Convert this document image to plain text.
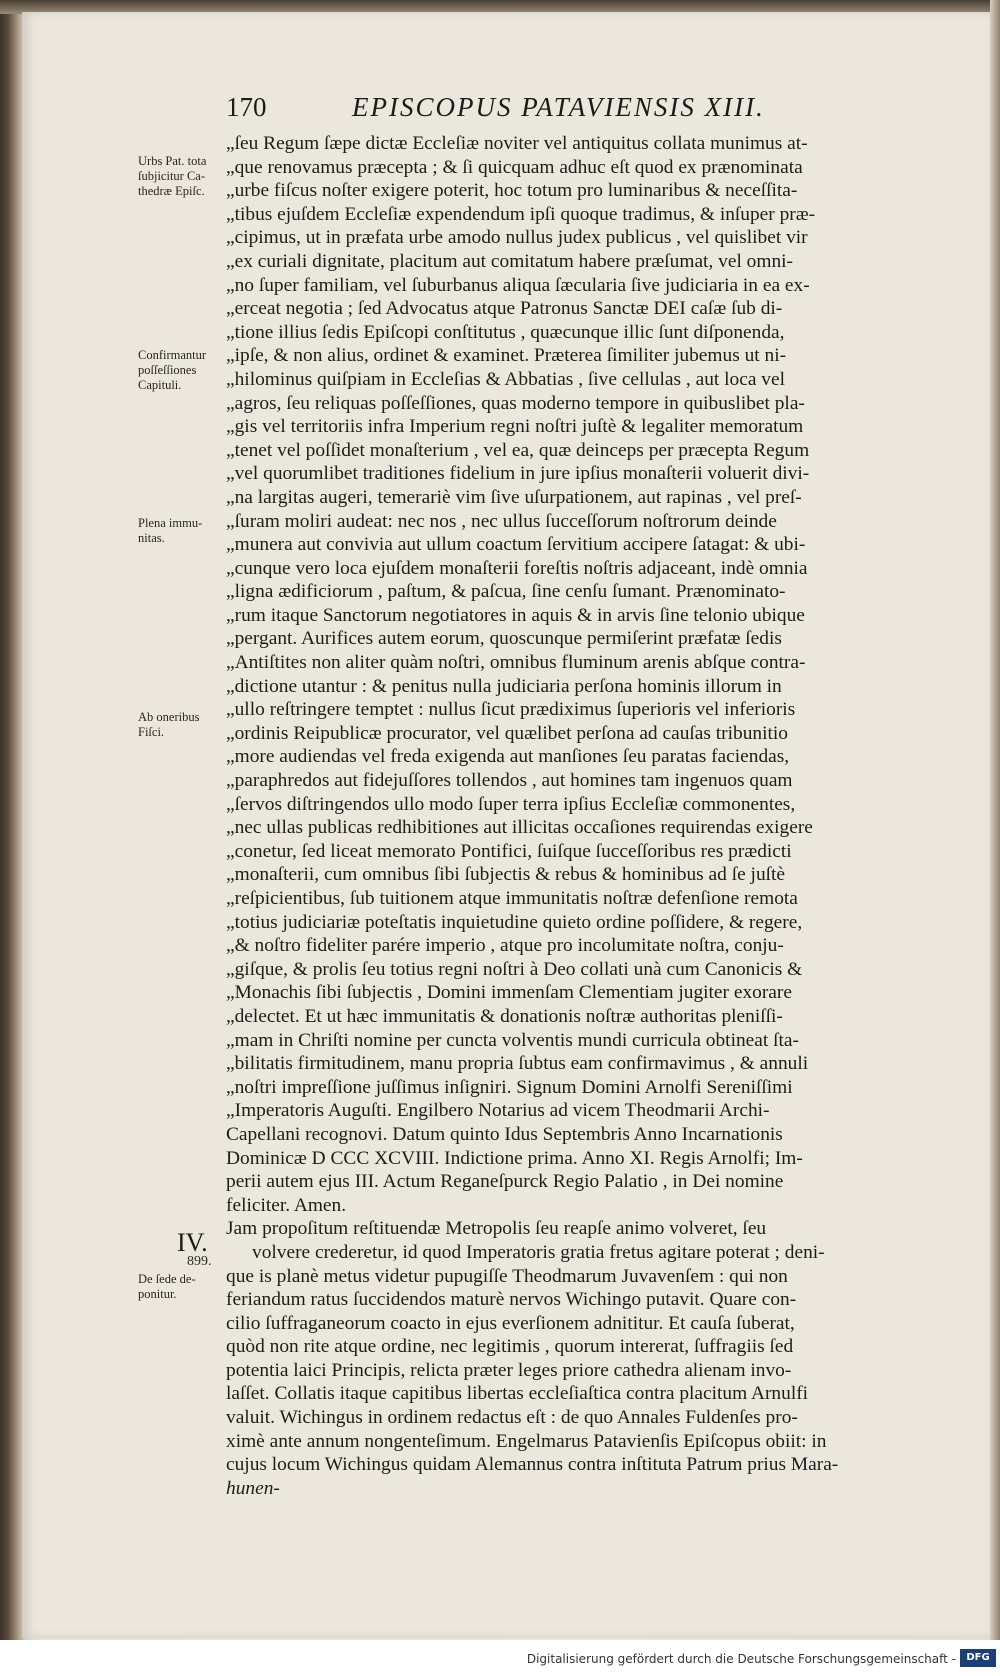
170	EPISCOPUS PATAVIENSIS XIII.
Urbs Pat. tota
ſubjicitur Ca-
thedræ Epiſc.
Confirmantur
poſſeſſiones
Capituli.
Plena immu-
nitas.
Ab oneribus
Fiſci.
De ſede de-
ponitur.
IV.
899.
„ſeu Regum ſæpe dictæ Eccleſiæ noviter vel antiquitus collata munimus at-
„que renovamus præcepta ; & ſi quicquam adhuc eſt quod ex prænominata
„urbe fiſcus noſter exigere poterit, hoc totum pro luminaribus & neceſſita-
„tibus ejuſdem Eccleſiæ expendendum ipſi quoque tradimus, & inſuper præ-
„cipimus, ut in præfata urbe amodo nullus judex publicus , vel quislibet vir
„ex curiali dignitate, placitum aut comitatum habere præſumat, vel omni-
„no ſuper familiam, vel ſuburbanus aliqua ſæcularia ſive judiciaria in ea ex-
„erceat negotia ; ſed Advocatus atque Patronus Sanctæ DEI caſæ ſub di-
„tione illius ſedis Epiſcopi conſtitutus , quæcunque illic ſunt diſponenda,
„ipſe, & non alius, ordinet & examinet. Præterea ſimiliter jubemus ut ni-
„hilominus quiſpiam in Eccleſias & Abbatias , ſive cellulas , aut loca vel
„agros, ſeu reliquas poſſeſſiones, quas moderno tempore in quibuslibet pla-
„gis vel territoriis infra Imperium regni noſtri juſtè & legaliter memoratum
„tenet vel poſſidet monaſterium , vel ea, quæ deinceps per præcepta Regum
„vel quorumlibet traditiones fidelium in jure ipſius monaſterii voluerit divi-
„na largitas augeri, temerariè vim ſive uſurpationem, aut rapinas , vel preſ-
„ſuram moliri audeat: nec nos , nec ullus ſucceſſorum noſtrorum deinde
„munera aut convivia aut ullum coactum ſervitium accipere ſatagat: & ubi-
„cunque vero loca ejuſdem monaſterii foreſtis noſtris adjaceant, indè omnia
„ligna ædificiorum , paſtum, & paſcua, ſine cenſu ſumant. Prænominato-
„rum itaque Sanctorum negotiatores in aquis & in arvis ſine telonio ubique
„pergant. Aurifices autem eorum, quoscunque permiſerint præfatæ ſedis
„Antiſtites non aliter quàm noſtri, omnibus fluminum arenis abſque contra-
„dictione utantur : & penitus nulla judiciaria perſona hominis illorum in
„ullo reſtringere temptet : nullus ſicut prædiximus ſuperioris vel inferioris
„ordinis Reipublicæ procurator, vel quælibet perſona ad cauſas tribunitio
„more audiendas vel freda exigenda aut manſiones ſeu paratas faciendas,
„paraphredos aut fidejuſſores tollendos , aut homines tam ingenuos quam
„ſervos diſtringendos ullo modo ſuper terra ipſius Eccleſiæ commonentes,
„nec ullas publicas redhibitiones aut illicitas occaſiones requirendas exigere
„conetur, ſed liceat memorato Pontifici, ſuiſque ſucceſſoribus res prædicti
„monaſterii, cum omnibus ſibi ſubjectis & rebus & hominibus ad ſe juſtè
„reſpicientibus, ſub tuitionem atque immunitatis noſtræ defenſione remota
„totius judiciariæ poteſtatis inquietudine quieto ordine poſſidere, & regere,
„& noſtro fideliter parére imperio , atque pro incolumitate noſtra, conju-
„giſque, & prolis ſeu totius regni noſtri à Deo collati unà cum Canonicis &
„Monachis ſibi ſubjectis , Domini immenſam Clementiam jugiter exorare
„delectet. Et ut hæc immunitatis & donationis noſtræ authoritas pleniſſi-
„mam in Chriſti nomine per cuncta volventis mundi curricula obtineat ſta-
„bilitatis firmitudinem, manu propria ſubtus eam confirmavimus , & annuli
„noſtri impreſſione juſſimus inſigniri. Signum Domini Arnolfi Sereniſſimi
„Imperatoris Auguſti. Engilbero Notarius ad vicem Theodmarii Archi-
Capellani recognovi. Datum quinto Idus Septembris Anno Incarnationis
Dominicæ D CCC XCVIII. Indictione prima. Anno XI. Regis Arnolfi; Im-
perii autem ejus III. Actum Reganeſpurck Regio Palatio , in Dei nomine
feliciter. Amen.
Jam propoſitum reſtituendæ Metropolis ſeu reapſe animo volveret, ſeu
volvere crederetur, id quod Imperatoris gratia fretus agitare poterat ; deni-
que is planè metus videtur pupugiſſe Theodmarum Juvavenſem : qui non
feriandum ratus ſuccidendos maturè nervos Wichingo putavit. Quare con-
cilio ſuffraganeorum coacto in ejus everſionem adnititur. Et cauſa ſuberat,
quòd non rite atque ordine, nec legitimis , quorum intererat, ſuffragiis ſed
potentia laici Principis, relicta præter leges priore cathedra alienam invo-
laſſet. Collatis itaque capitibus libertas eccleſiaſtica contra placitum Arnulfi
valuit. Wichingus in ordinem redactus eſt : de quo Annales Fuldenſes pro-
ximè ante annum nongenteſimum. Engelmarus Patavienſis Epiſcopus obiit: in
cujus locum Wichingus quidam Alemannus contra inſtituta Patrum prius Mara-
hunen-
Digitalisierung gefördert durch die Deutsche Forschungsgemeinschaft -	DFG
